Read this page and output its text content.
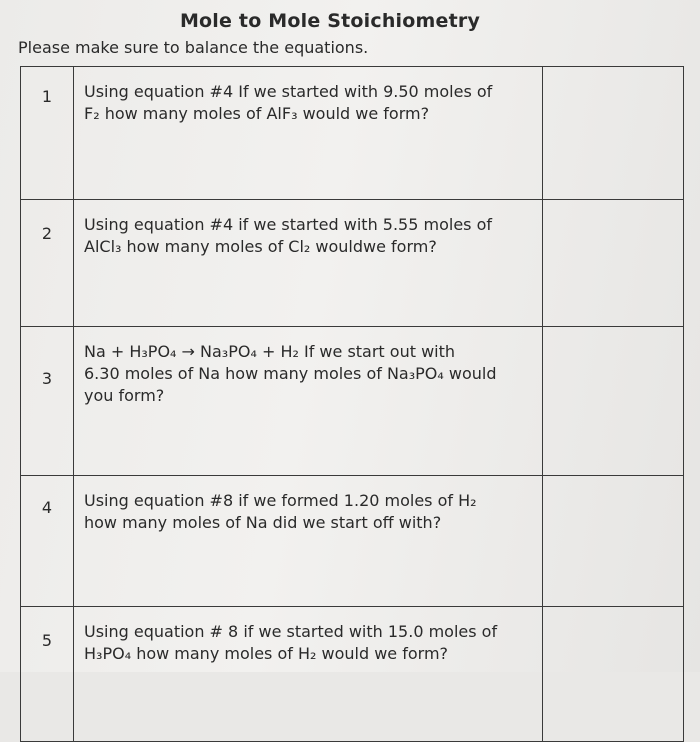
Mole to Mole Stoichiometry
Please make sure to balance the equations.
1	Using equation #4 If we started with 9.50 moles of
F₂ how many moles of AlF₃ would we form?	

2	Using equation #4 if we started with 5.55 moles of
AlCl₃ how many moles of Cl₂ wouldwe form?	

3	Na + H₃PO₄ → Na₃PO₄ + H₂ If we start out with
6.30 moles of Na how many moles of Na₃PO₄ would
you form?	

4	Using equation #8 if we formed 1.20 moles of H₂
how many moles of Na did we start off with?	

5	Using equation # 8 if we started with 15.0 moles of
H₃PO₄ how many moles of H₂ would we form?	
